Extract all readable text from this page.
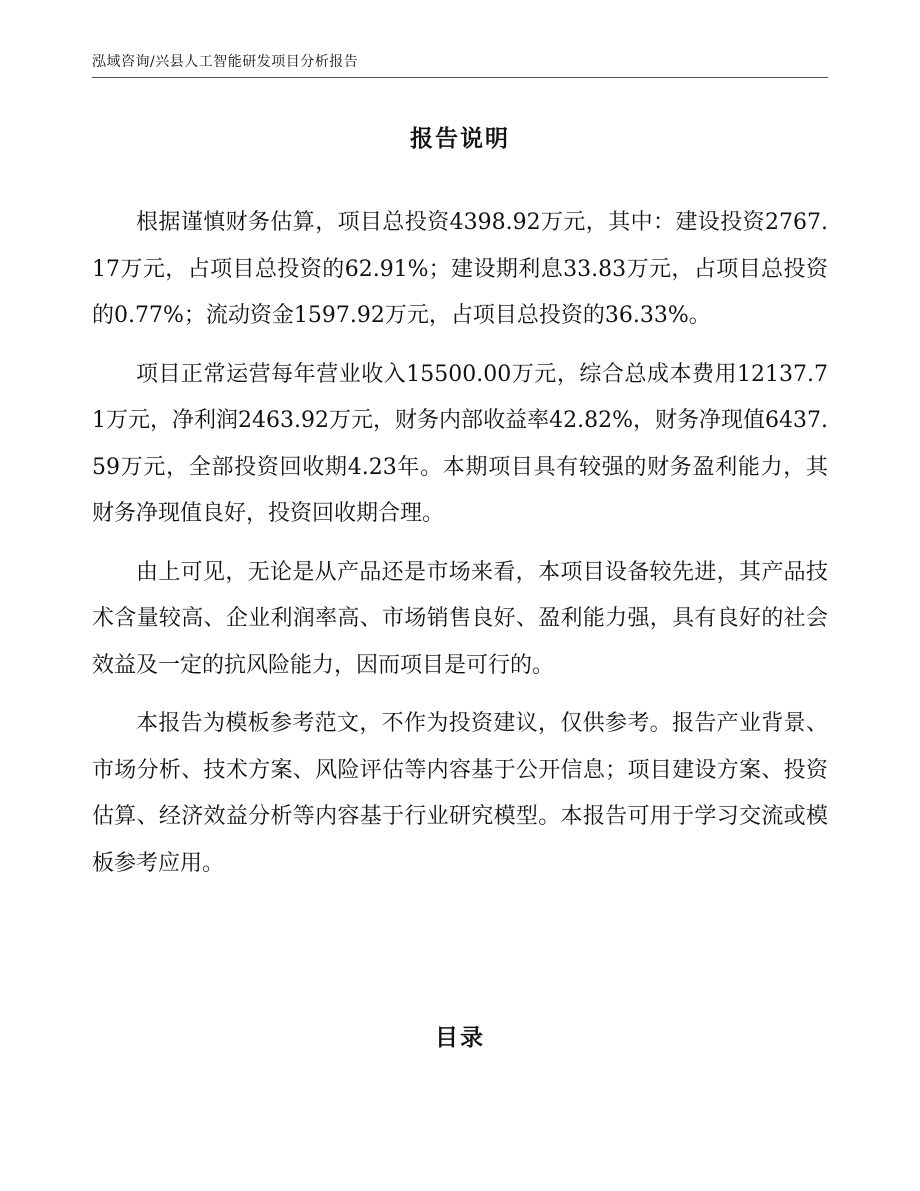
泓域咨询/兴县人工智能研发项目分析报告
报告说明

根据谨慎财务估算，项目总投资4398.92万元，其中：建设投资2767.17万元，占项目总投资的62.91%；建设期利息33.83万元，占项目总投资的0.77%；流动资金1597.92万元，占项目总投资的36.33%。

项目正常运营每年营业收入15500.00万元，综合总成本费用12137.71万元，净利润2463.92万元，财务内部收益率42.82%，财务净现值6437.59万元，全部投资回收期4.23年。本期项目具有较强的财务盈利能力，其财务净现值良好，投资回收期合理。

由上可见，无论是从产品还是市场来看，本项目设备较先进，其产品技术含量较高、企业利润率高、市场销售良好、盈利能力强，具有良好的社会效益及一定的抗风险能力，因而项目是可行的。

本报告为模板参考范文，不作为投资建议，仅供参考。报告产业背景、市场分析、技术方案、风险评估等内容基于公开信息；项目建设方案、投资估算、经济效益分析等内容基于行业研究模型。本报告可用于学习交流或模板参考应用。

目录
